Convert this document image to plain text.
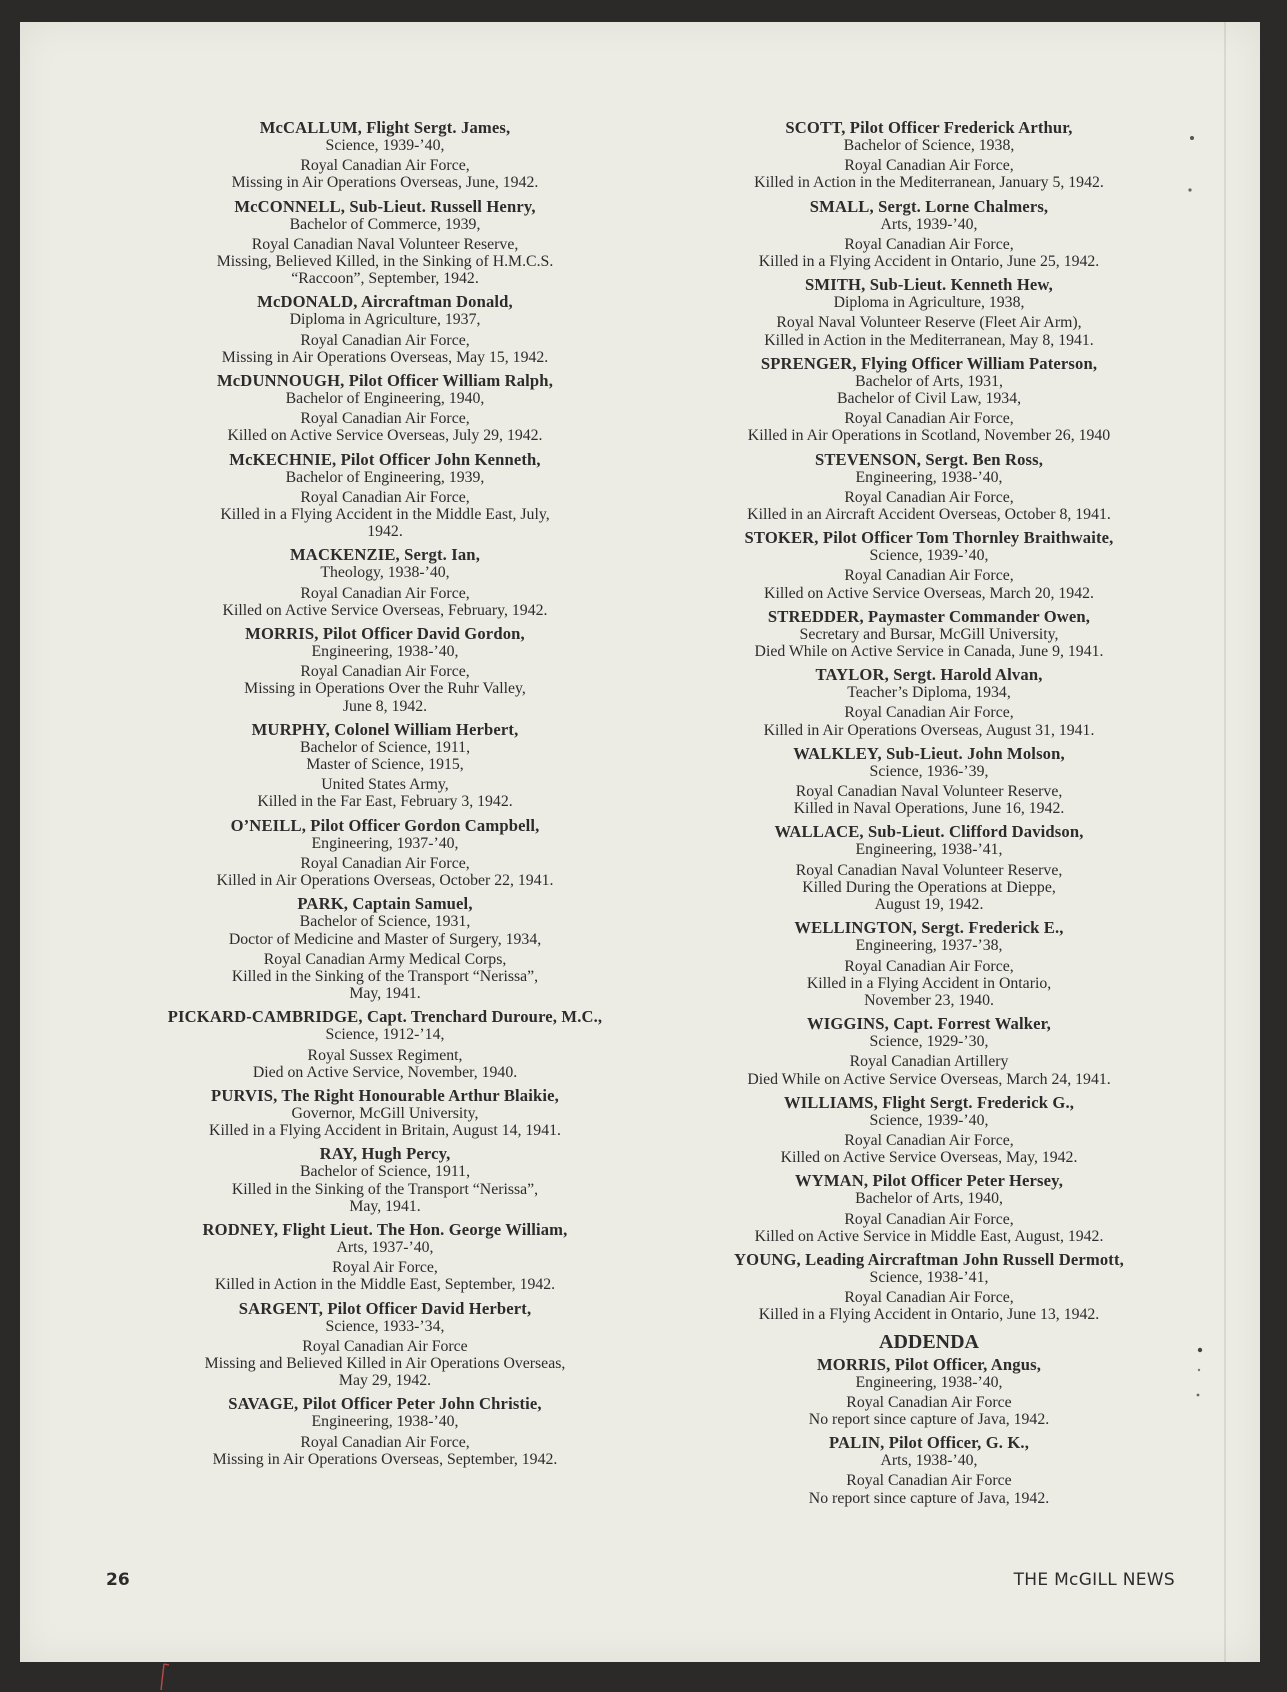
McCALLUM, Flight Sergt. James,
Science, 1939-’40,
Royal Canadian Air Force,
Missing in Air Operations Overseas, June, 1942.
McCONNELL, Sub-Lieut. Russell Henry,
Bachelor of Commerce, 1939,
Royal Canadian Naval Volunteer Reserve,
Missing, Believed Killed, in the Sinking of H.M.C.S.
“Raccoon”, September, 1942.
McDONALD, Aircraftman Donald,
Diploma in Agriculture, 1937,
Royal Canadian Air Force,
Missing in Air Operations Overseas, May 15, 1942.
McDUNNOUGH, Pilot Officer William Ralph,
Bachelor of Engineering, 1940,
Royal Canadian Air Force,
Killed on Active Service Overseas, July 29, 1942.
McKECHNIE, Pilot Officer John Kenneth,
Bachelor of Engineering, 1939,
Royal Canadian Air Force,
Killed in a Flying Accident in the Middle East, July,
1942.
MACKENZIE, Sergt. Ian,
Theology, 1938-’40,
Royal Canadian Air Force,
Killed on Active Service Overseas, February, 1942.
MORRIS, Pilot Officer David Gordon,
Engineering, 1938-’40,
Royal Canadian Air Force,
Missing in Operations Over the Ruhr Valley,
June 8, 1942.
MURPHY, Colonel William Herbert,
Bachelor of Science, 1911,
Master of Science, 1915,
United States Army,
Killed in the Far East, February 3, 1942.
O’NEILL, Pilot Officer Gordon Campbell,
Engineering, 1937-’40,
Royal Canadian Air Force,
Killed in Air Operations Overseas, October 22, 1941.
PARK, Captain Samuel,
Bachelor of Science, 1931,
Doctor of Medicine and Master of Surgery, 1934,
Royal Canadian Army Medical Corps,
Killed in the Sinking of the Transport “Nerissa”,
May, 1941.
PICKARD-CAMBRIDGE, Capt. Trenchard Duroure, M.C.,
Science, 1912-’14,
Royal Sussex Regiment,
Died on Active Service, November, 1940.
PURVIS, The Right Honourable Arthur Blaikie,
Governor, McGill University,
Killed in a Flying Accident in Britain, August 14, 1941.
RAY, Hugh Percy,
Bachelor of Science, 1911,
Killed in the Sinking of the Transport “Nerissa”,
May, 1941.
RODNEY, Flight Lieut. The Hon. George William,
Arts, 1937-’40,
Royal Air Force,
Killed in Action in the Middle East, September, 1942.
SARGENT, Pilot Officer David Herbert,
Science, 1933-’34,
Royal Canadian Air Force
Missing and Believed Killed in Air Operations Overseas,
May 29, 1942.
SAVAGE, Pilot Officer Peter John Christie,
Engineering, 1938-’40,
Royal Canadian Air Force,
Missing in Air Operations Overseas, September, 1942.
SCOTT, Pilot Officer Frederick Arthur,
Bachelor of Science, 1938,
Royal Canadian Air Force,
Killed in Action in the Mediterranean, January 5, 1942.
SMALL, Sergt. Lorne Chalmers,
Arts, 1939-’40,
Royal Canadian Air Force,
Killed in a Flying Accident in Ontario, June 25, 1942.
SMITH, Sub-Lieut. Kenneth Hew,
Diploma in Agriculture, 1938,
Royal Naval Volunteer Reserve (Fleet Air Arm),
Killed in Action in the Mediterranean, May 8, 1941.
SPRENGER, Flying Officer William Paterson,
Bachelor of Arts, 1931,
Bachelor of Civil Law, 1934,
Royal Canadian Air Force,
Killed in Air Operations in Scotland, November 26, 1940
STEVENSON, Sergt. Ben Ross,
Engineering, 1938-’40,
Royal Canadian Air Force,
Killed in an Aircraft Accident Overseas, October 8, 1941.
STOKER, Pilot Officer Tom Thornley Braithwaite,
Science, 1939-’40,
Royal Canadian Air Force,
Killed on Active Service Overseas, March 20, 1942.
STREDDER, Paymaster Commander Owen,
Secretary and Bursar, McGill University,
Died While on Active Service in Canada, June 9, 1941.
TAYLOR, Sergt. Harold Alvan,
Teacher’s Diploma, 1934,
Royal Canadian Air Force,
Killed in Air Operations Overseas, August 31, 1941.
WALKLEY, Sub-Lieut. John Molson,
Science, 1936-’39,
Royal Canadian Naval Volunteer Reserve,
Killed in Naval Operations, June 16, 1942.
WALLACE, Sub-Lieut. Clifford Davidson,
Engineering, 1938-’41,
Royal Canadian Naval Volunteer Reserve,
Killed During the Operations at Dieppe,
August 19, 1942.
WELLINGTON, Sergt. Frederick E.,
Engineering, 1937-’38,
Royal Canadian Air Force,
Killed in a Flying Accident in Ontario,
November 23, 1940.
WIGGINS, Capt. Forrest Walker,
Science, 1929-’30,
Royal Canadian Artillery
Died While on Active Service Overseas, March 24, 1941.
WILLIAMS, Flight Sergt. Frederick G.,
Science, 1939-’40,
Royal Canadian Air Force,
Killed on Active Service Overseas, May, 1942.
WYMAN, Pilot Officer Peter Hersey,
Bachelor of Arts, 1940,
Royal Canadian Air Force,
Killed on Active Service in Middle East, August, 1942.
YOUNG, Leading Aircraftman John Russell Dermott,
Science, 1938-’41,
Royal Canadian Air Force,
Killed in a Flying Accident in Ontario, June 13, 1942.
ADDENDA
MORRIS, Pilot Officer, Angus,
Engineering, 1938-’40,
Royal Canadian Air Force
No report since capture of Java, 1942.
PALIN, Pilot Officer, G. K.,
Arts, 1938-’40,
Royal Canadian Air Force
No report since capture of Java, 1942.
26	THE McGILL NEWS
